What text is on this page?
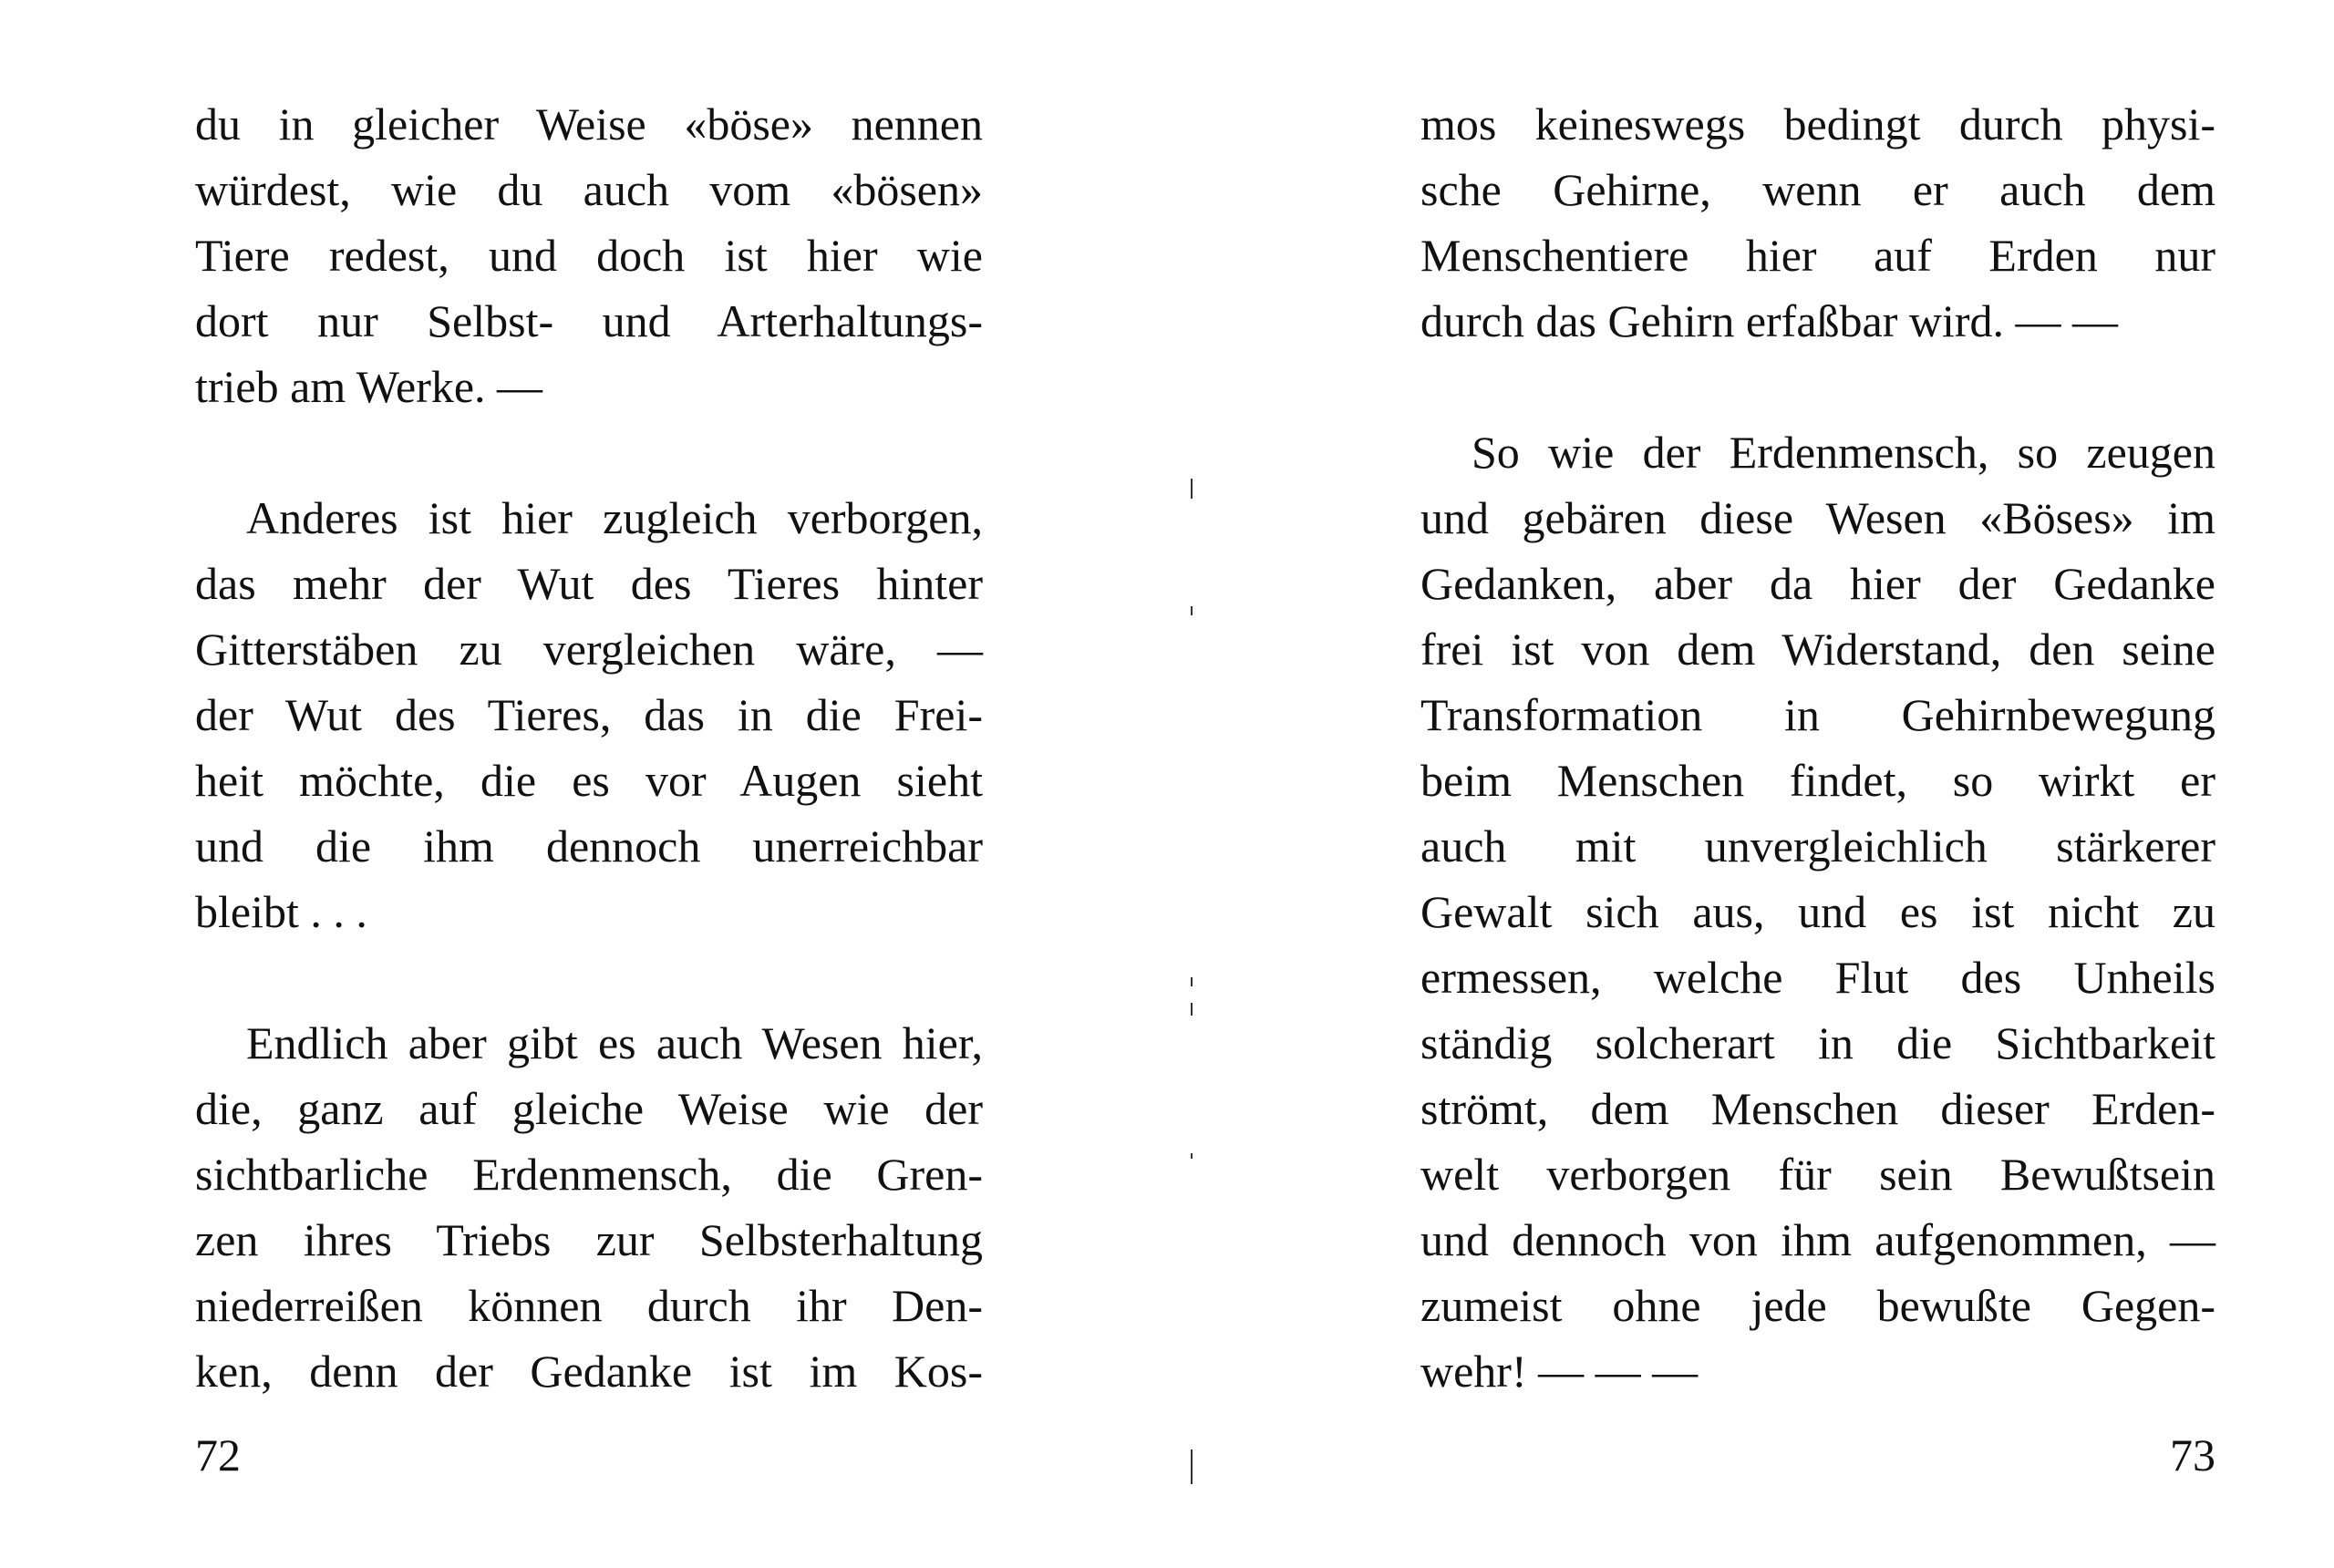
du in gleicher Weise «böse» nennen
würdest, wie du auch vom «bösen»
Tiere redest, und doch ist hier wie
dort nur Selbst- und Arterhaltungs-
trieb am Werke. —
Anderes ist hier zugleich verborgen,
das mehr der Wut des Tieres hinter
Gitterstäben zu vergleichen wäre, —
der Wut des Tieres, das in die Frei-
heit möchte, die es vor Augen sieht
und die ihm dennoch unerreichbar
bleibt . . .
Endlich aber gibt es auch Wesen hier,
die, ganz auf gleiche Weise wie der
sichtbarliche Erdenmensch, die Gren-
zen ihres Triebs zur Selbsterhaltung
niederreißen können durch ihr Den-
ken, denn der Gedanke ist im Kos-
72
mos keineswegs bedingt durch physi-
sche Gehirne, wenn er auch dem
Menschentiere hier auf Erden nur
durch das Gehirn erfaßbar wird. — —
So wie der Erdenmensch, so zeugen
und gebären diese Wesen «Böses» im
Gedanken, aber da hier der Gedanke
frei ist von dem Widerstand, den seine
Transformation in Gehirnbewegung
beim Menschen findet, so wirkt er
auch mit unvergleichlich stärkerer
Gewalt sich aus, und es ist nicht zu
ermessen, welche Flut des Unheils
ständig solcherart in die Sichtbarkeit
strömt, dem Menschen dieser Erden-
welt verborgen für sein Bewußtsein
und dennoch von ihm aufgenommen, —
zumeist ohne jede bewußte Gegen-
wehr! — — —
73
